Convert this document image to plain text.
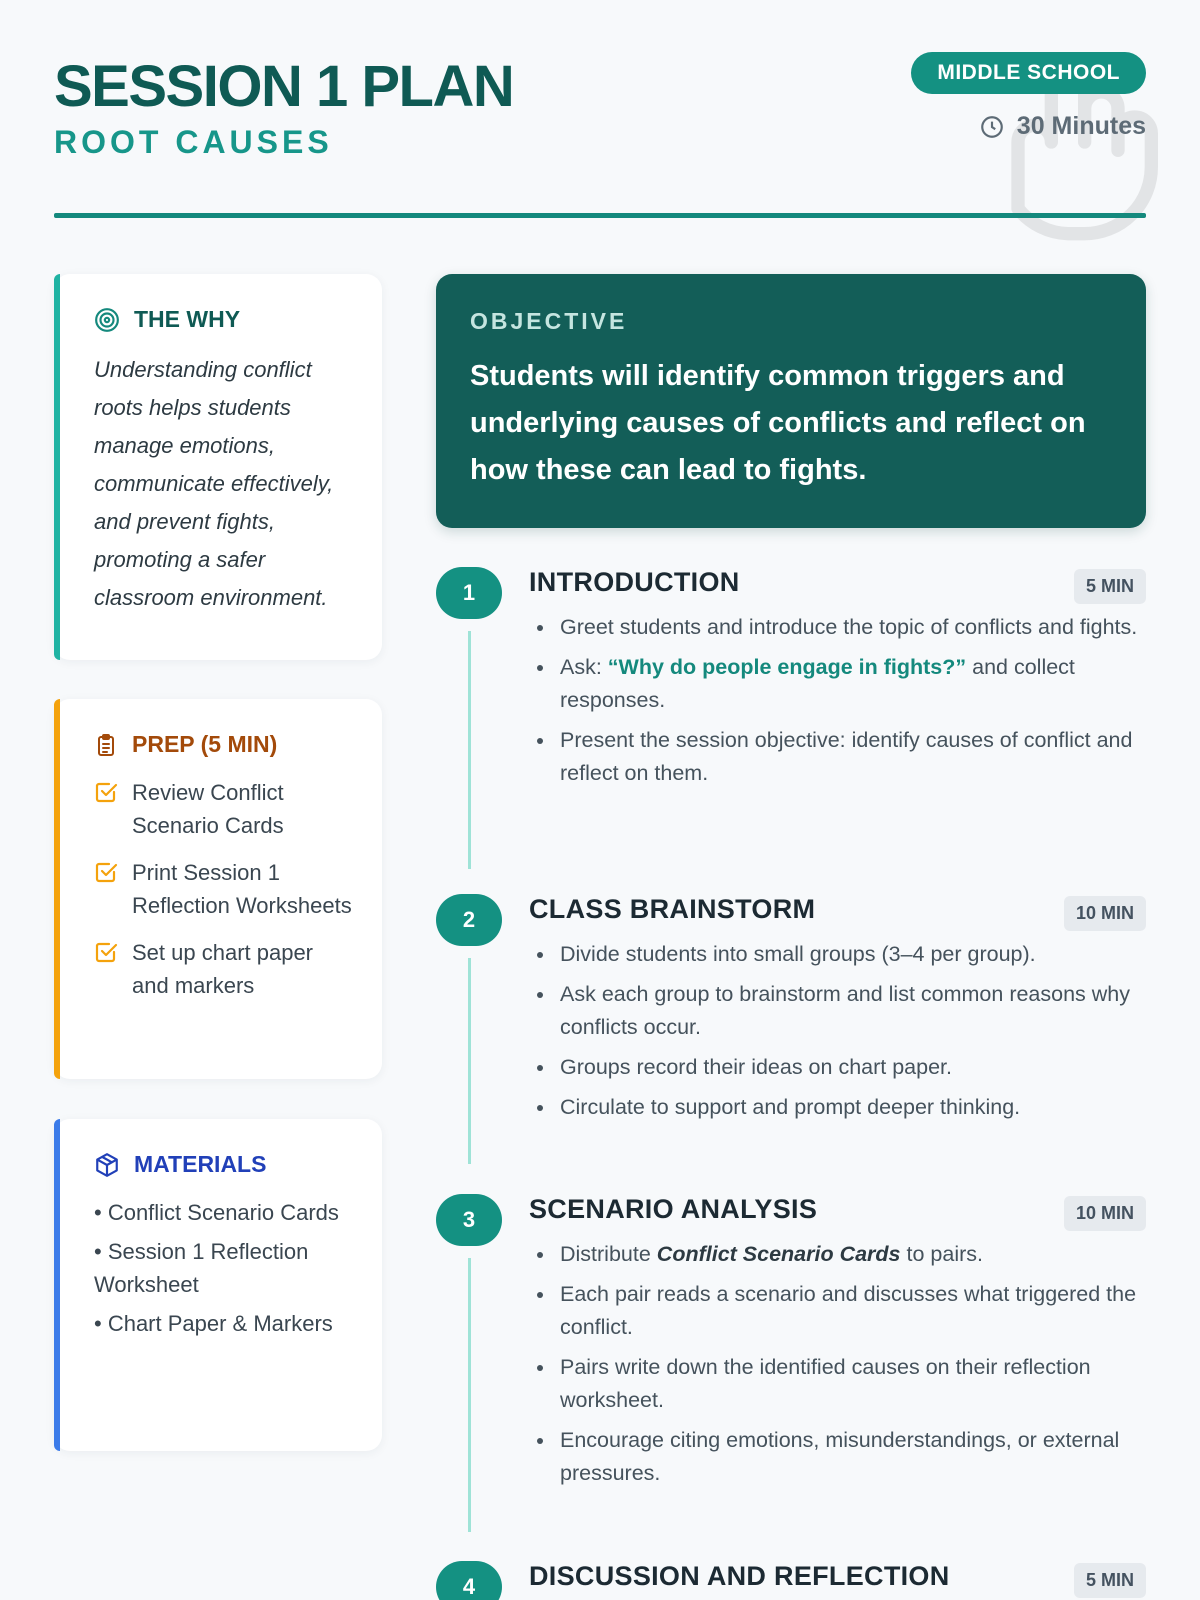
SESSION 1 PLAN
ROOT CAUSES
MIDDLE SCHOOL
30 Minutes
THE WHY

Understanding conflict roots helps students manage emotions, communicate effectively, and prevent fights, promoting a safer classroom environment.

PREP (5 MIN)
Review Conflict Scenario Cards
Print Session 1 Reflection Worksheets
Set up chart paper and markers
MATERIALS
• Conflict Scenario Cards
• Session 1 Reflection Worksheet
• Chart Paper & Markers
OBJECTIVE
Students will identify common triggers and underlying causes of conflicts and reflect on how these can lead to fights.
1	INTRODUCTION	5 MIN
• Greet students and introduce the topic of conflicts and fights.
• Ask: “Why do people engage in fights?” and collect responses.
• Present the session objective: identify causes of conflict and reflect on them.
2	CLASS BRAINSTORM	10 MIN
• Divide students into small groups (3–4 per group).
• Ask each group to brainstorm and list common reasons why conflicts occur.
• Groups record their ideas on chart paper.
• Circulate to support and prompt deeper thinking.
3	SCENARIO ANALYSIS	10 MIN
• Distribute Conflict Scenario Cards to pairs.
• Each pair reads a scenario and discusses what triggered the conflict.
• Pairs write down the identified causes on their reflection worksheet.
• Encourage citing emotions, misunderstandings, or external pressures.
4	DISCUSSION AND REFLECTION	5 MIN
